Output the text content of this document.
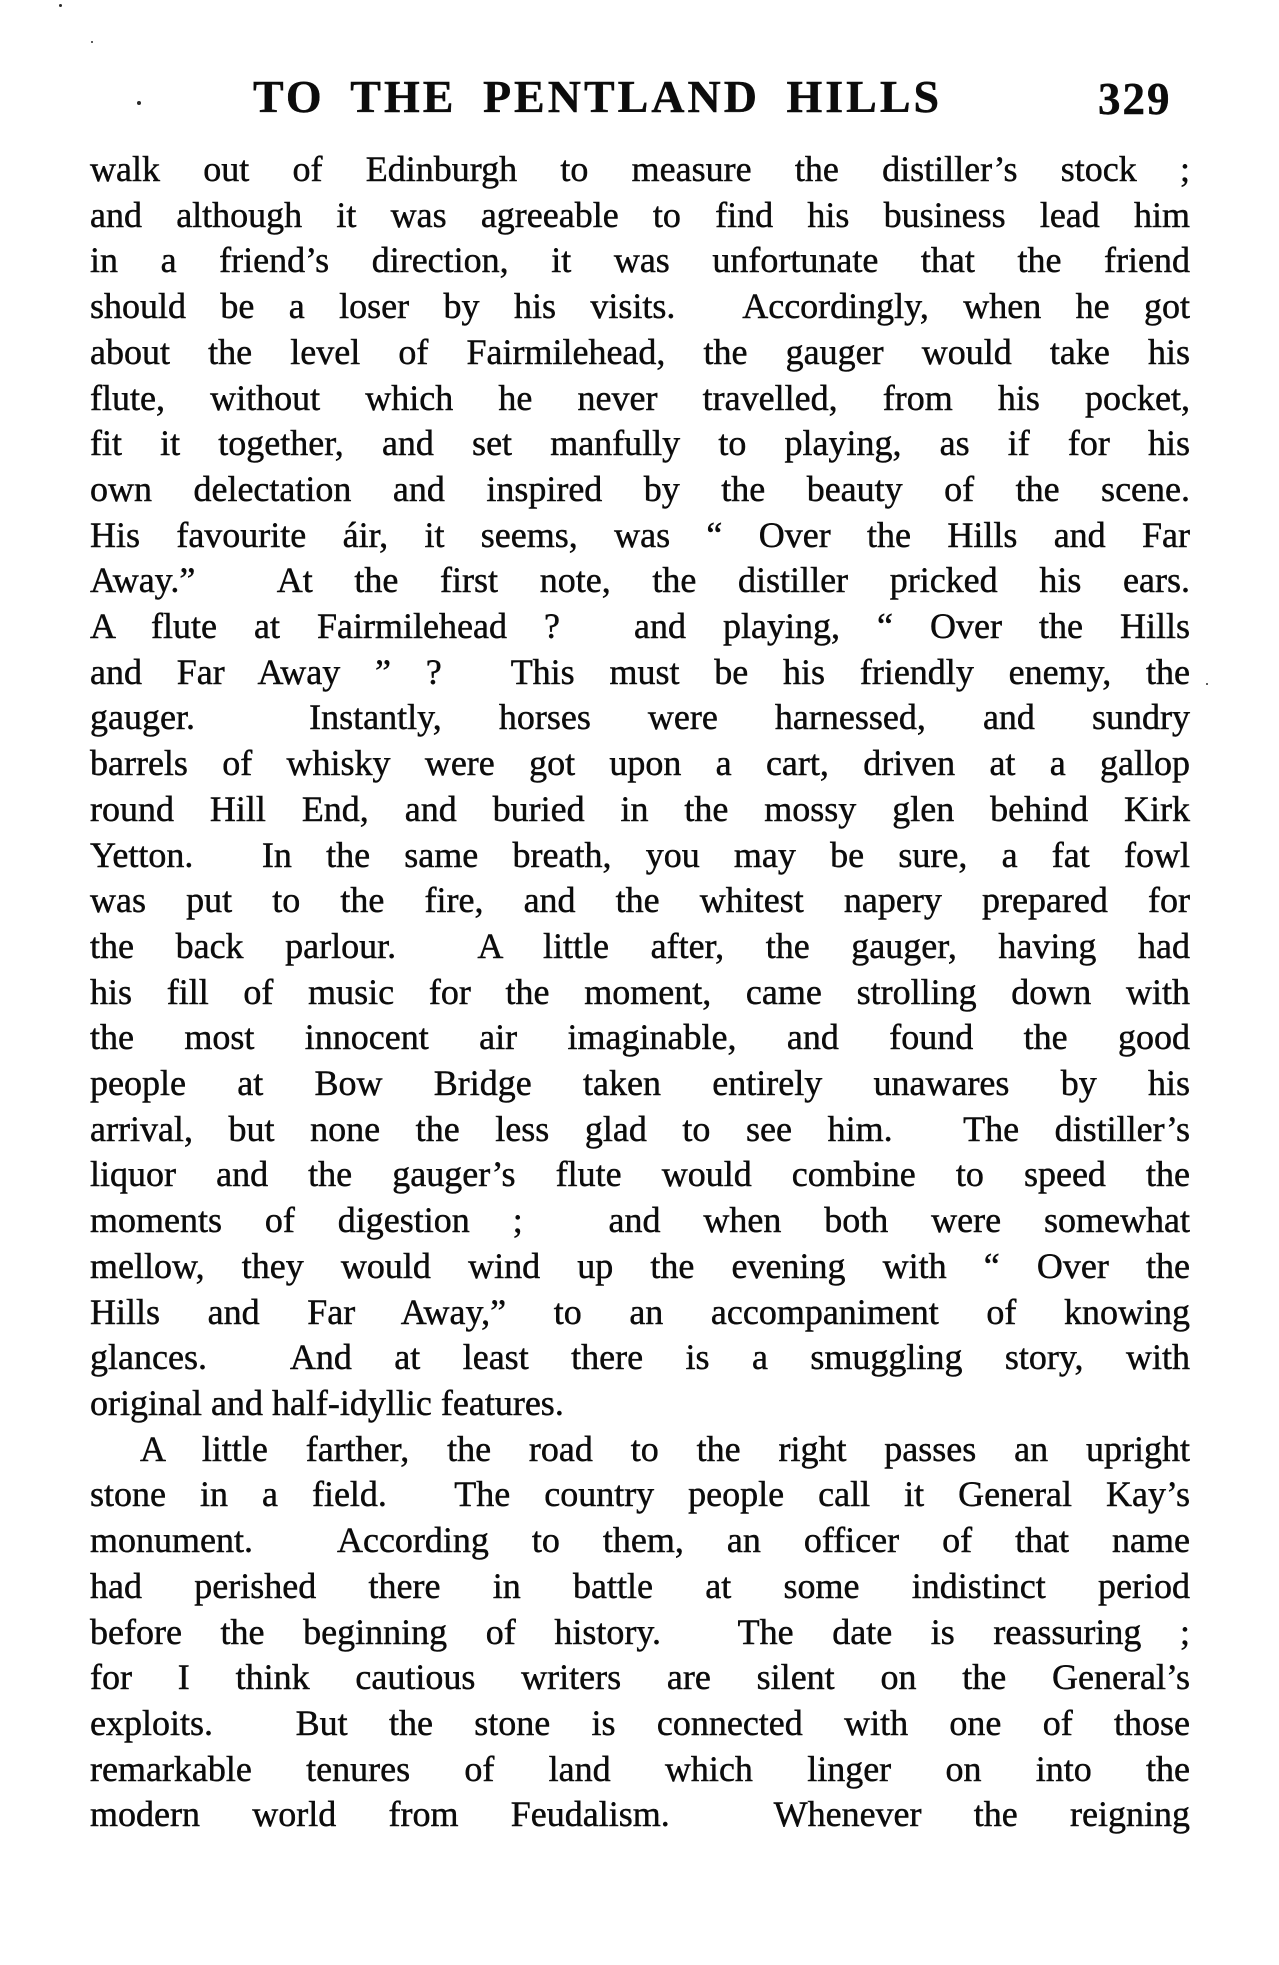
TO THE PENTLAND HILLS	329
walk out of Edinburgh to measure the distiller’s stock ;
and although it was agreeable to find his business lead him
in a friend’s direction, it was unfortunate that the friend
should be a loser by his visits.  Accordingly, when he got
about the level of Fairmilehead, the gauger would take his
flute, without which he never travelled, from his pocket,
fit it together, and set manfully to playing, as if for his
own delectation and inspired by the beauty of the scene.
His favourite áir, it seems, was “ Over the Hills and Far
Away.”  At the first note, the distiller pricked his ears.
A flute at Fairmilehead ?  and playing, “ Over the Hills
and Far Away ” ?  This must be his friendly enemy, the
gauger.  Instantly, horses were harnessed, and sundry
barrels of whisky were got upon a cart, driven at a gallop
round Hill End, and buried in the mossy glen behind Kirk
Yetton.  In the same breath, you may be sure, a fat fowl
was put to the fire, and the whitest napery prepared for
the back parlour.  A little after, the gauger, having had
his fill of music for the moment, came strolling down with
the most innocent air imaginable, and found the good
people at Bow Bridge taken entirely unawares by his
arrival, but none the less glad to see him.  The distiller’s
liquor and the gauger’s flute would combine to speed the
moments of digestion ;  and when both were somewhat
mellow, they would wind up the evening with “ Over the
Hills and Far Away,” to an accompaniment of knowing
glances.  And at least there is a smuggling story, with
original and half-idyllic features.
A little farther, the road to the right passes an upright
stone in a field.  The country people call it General Kay’s
monument.  According to them, an officer of that name
had perished there in battle at some indistinct period
before the beginning of history.  The date is reassuring ;
for I think cautious writers are silent on the General’s
exploits.  But the stone is connected with one of those
remarkable tenures of land which linger on into the
modern world from Feudalism.  Whenever the reigning
